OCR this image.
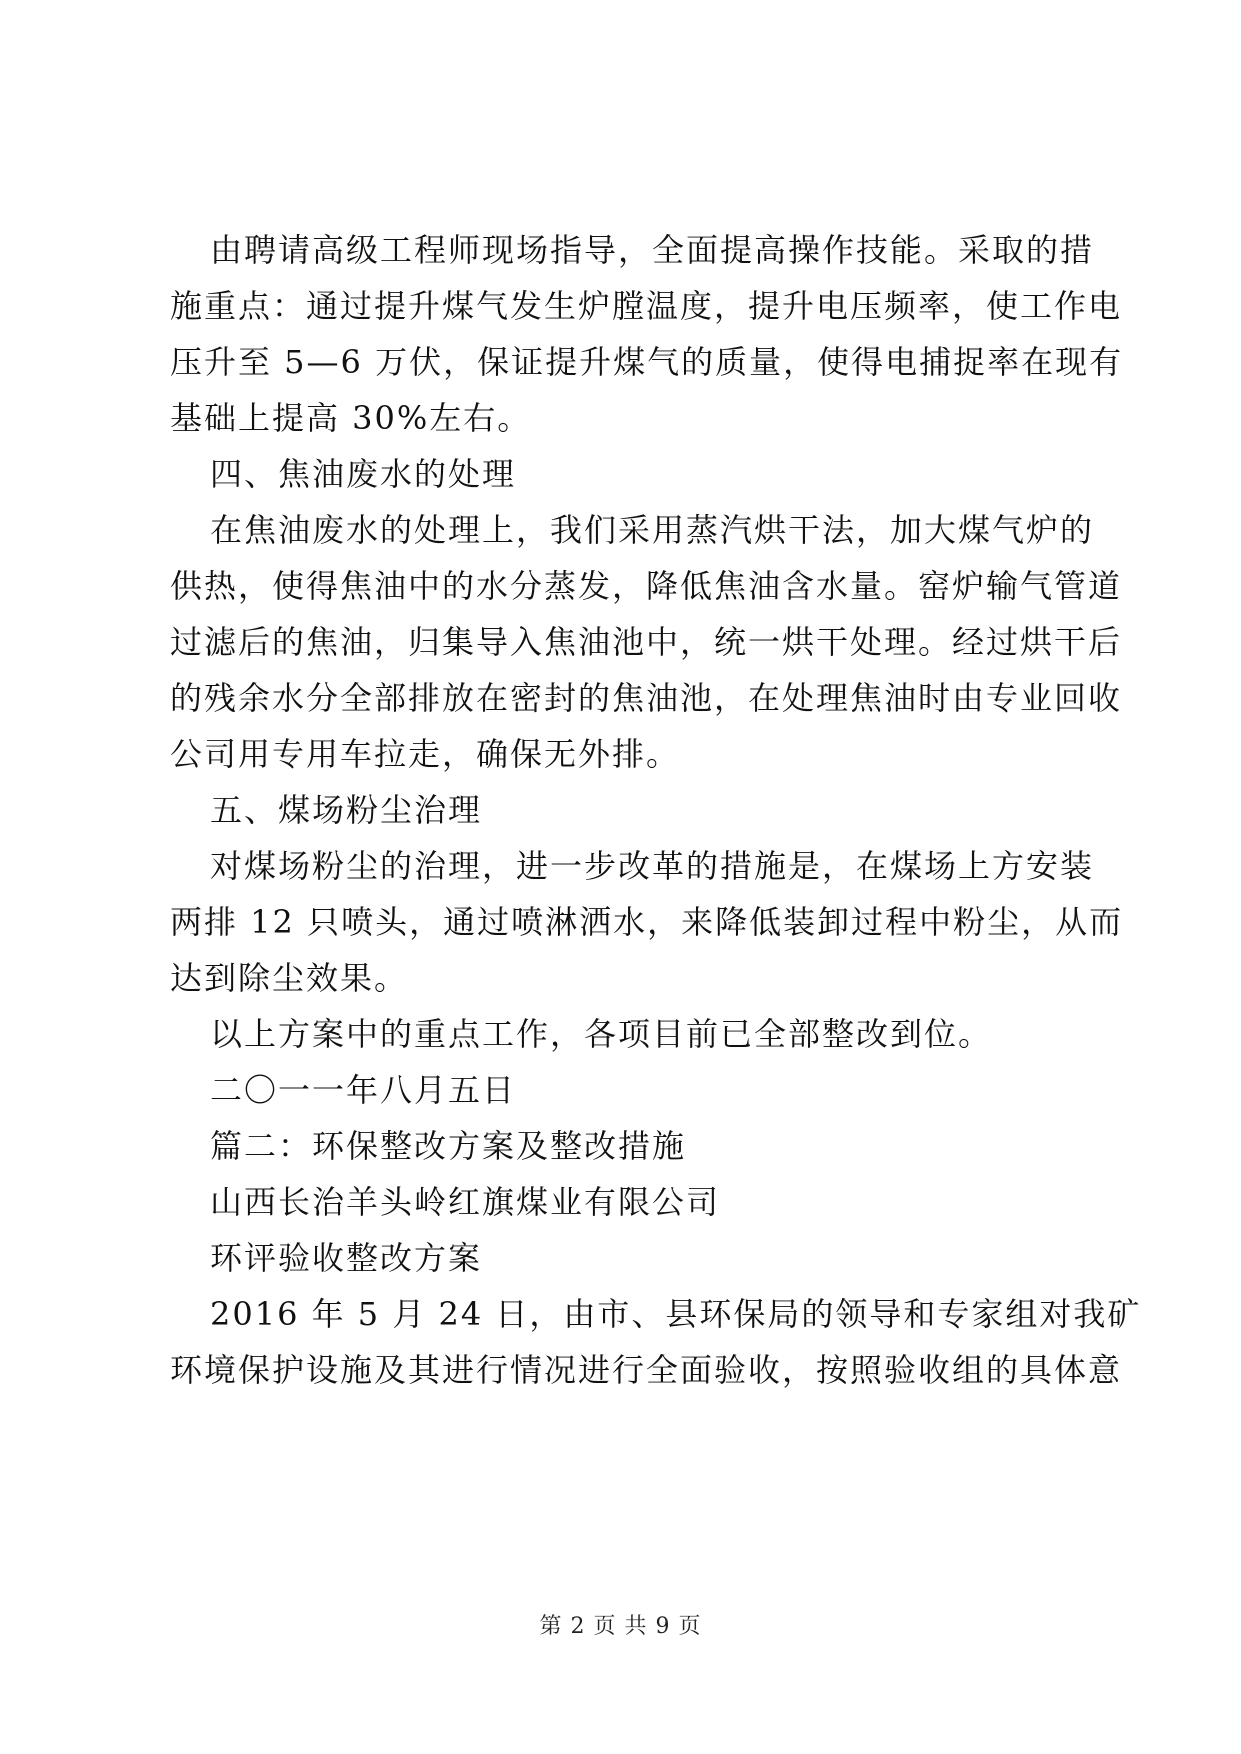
由聘请高级工程师现场指导，全面提高操作技能。采取的措
施重点：通过提升煤气发生炉膛温度，提升电压频率，使工作电
压升至 5—6 万伏，保证提升煤气的质量，使得电捕捉率在现有
基础上提高 30%左右。
四、焦油废水的处理
在焦油废水的处理上，我们采用蒸汽烘干法，加大煤气炉的
供热，使得焦油中的水分蒸发，降低焦油含水量。窑炉输气管道
过滤后的焦油，归集导入焦油池中，统一烘干处理。经过烘干后
的残余水分全部排放在密封的焦油池，在处理焦油时由专业回收
公司用专用车拉走，确保无外排。
五、煤场粉尘治理
对煤场粉尘的治理，进一步改革的措施是，在煤场上方安装
两排 12 只喷头，通过喷淋洒水，来降低装卸过程中粉尘，从而
达到除尘效果。
以上方案中的重点工作，各项目前已全部整改到位。
二〇一一年八月五日
篇二：环保整改方案及整改措施
山西长治羊头岭红旗煤业有限公司
环评验收整改方案
2016 年 5 月 24 日，由市、县环保局的领导和专家组对我矿
环境保护设施及其进行情况进行全面验收，按照验收组的具体意
第 2 页 共 9 页
